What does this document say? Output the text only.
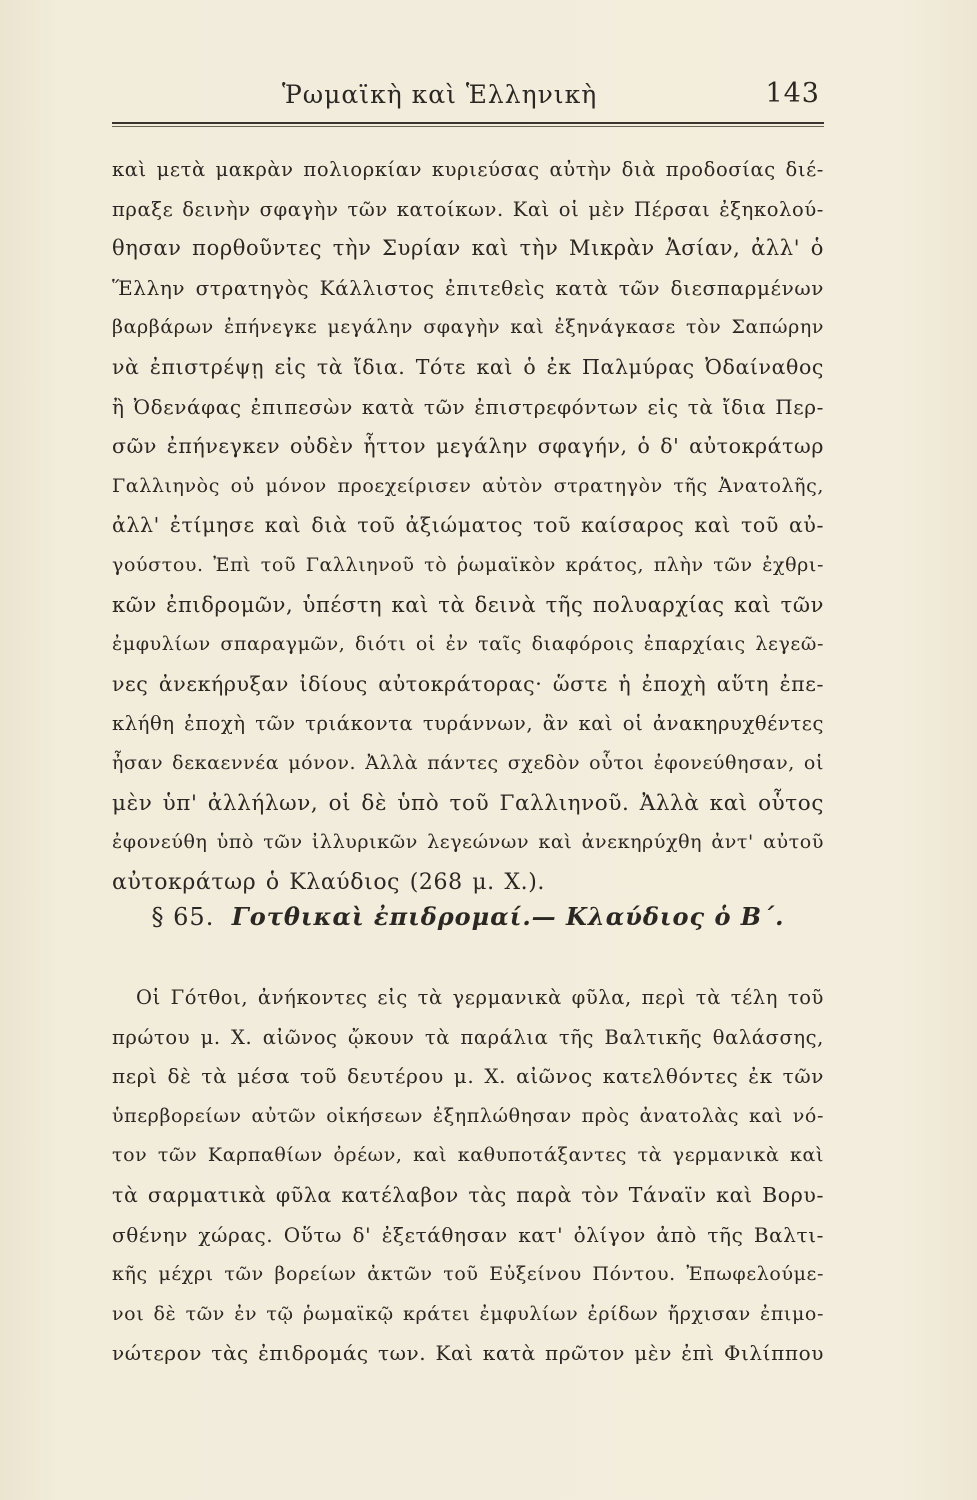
Ῥωμαϊκὴ καὶ Ἑλληνικὴ	143
καὶ μετὰ μακρὰν πολιορκίαν κυριεύσας αὐτὴν διὰ προδοσίας διέ-
πραξε δεινὴν σφαγὴν τῶν κατοίκων. Καὶ οἱ μὲν Πέρσαι ἐξηκολού-
θησαν πορθοῦντες τὴν Συρίαν καὶ τὴν Μικρὰν Ἀσίαν, ἀλλ' ὁ
Ἕλλην στρατηγὸς Κάλλιστος ἐπιτεθεὶς κατὰ τῶν διεσπαρμένων
βαρβάρων ἐπήνεγκε μεγάλην σφαγὴν καὶ ἐξηνάγκασε τὸν Σαπώρην
νὰ ἐπιστρέψῃ εἰς τὰ ἴδια. Τότε καὶ ὁ ἐκ Παλμύρας Ὀδαίναθος
ἢ Ὀδενάφας ἐπιπεσὼν κατὰ τῶν ἐπιστρεφόντων εἰς τὰ ἴδια Περ-
σῶν ἐπήνεγκεν οὐδὲν ἧττον μεγάλην σφαγήν, ὁ δ' αὐτοκράτωρ
Γαλλιηνὸς οὐ μόνον προεχείρισεν αὐτὸν στρατηγὸν τῆς Ἀνατολῆς,
ἀλλ' ἐτίμησε καὶ διὰ τοῦ ἀξιώματος τοῦ καίσαρος καὶ τοῦ αὐ-
γούστου. Ἐπὶ τοῦ Γαλλιηνοῦ τὸ ῥωμαϊκὸν κράτος, πλὴν τῶν ἐχθρι-
κῶν ἐπιδρομῶν, ὑπέστη καὶ τὰ δεινὰ τῆς πολυαρχίας καὶ τῶν
ἐμφυλίων σπαραγμῶν, διότι οἱ ἐν ταῖς διαφόροις ἐπαρχίαις λεγεῶ-
νες ἀνεκήρυξαν ἰδίους αὐτοκράτορας· ὥστε ἡ ἐποχὴ αὕτη ἐπε-
κλήθη ἐποχὴ τῶν τριάκοντα τυράννων, ἂν καὶ οἱ ἀνακηρυχθέντες
ἦσαν δεκαεννέα μόνον. Ἀλλὰ πάντες σχεδὸν οὗτοι ἐφονεύθησαν, οἱ
μὲν ὑπ' ἀλλήλων, οἱ δὲ ὑπὸ τοῦ Γαλλιηνοῦ. Ἀλλὰ καὶ οὗτος
ἐφονεύθη ὑπὸ τῶν ἰλλυρικῶν λεγεώνων καὶ ἀνεκηρύχθη ἀντ' αὐτοῦ
αὐτοκράτωρ ὁ Κλαύδιος (268 μ. Χ.).
§ 65. Γοτθικαὶ ἐπιδρομαί.— Κλαύδιος ὁ Β΄.
Οἱ Γότθοι, ἀνήκοντες εἰς τὰ γερμανικὰ φῦλα, περὶ τὰ τέλη τοῦ
πρώτου μ. Χ. αἰῶνος ᾤκουν τὰ παράλια τῆς Βαλτικῆς θαλάσσης,
περὶ δὲ τὰ μέσα τοῦ δευτέρου μ. Χ. αἰῶνος κατελθόντες ἐκ τῶν
ὑπερβορείων αὐτῶν οἰκήσεων ἐξηπλώθησαν πρὸς ἀνατολὰς καὶ νό-
τον τῶν Καρπαθίων ὀρέων, καὶ καθυποτάξαντες τὰ γερμανικὰ καὶ
τὰ σαρματικὰ φῦλα κατέλαβον τὰς παρὰ τὸν Τάναϊν καὶ Βορυ-
σθένην χώρας. Οὕτω δ' ἐξετάθησαν κατ' ὀλίγον ἀπὸ τῆς Βαλτι-
κῆς μέχρι τῶν βορείων ἀκτῶν τοῦ Εὐξείνου Πόντου. Ἐπωφελούμε-
νοι δὲ τῶν ἐν τῷ ῥωμαϊκῷ κράτει ἐμφυλίων ἐρίδων ἤρχισαν ἐπιμο-
νώτερον τὰς ἐπιδρομάς των. Καὶ κατὰ πρῶτον μὲν ἐπὶ Φιλίππου
